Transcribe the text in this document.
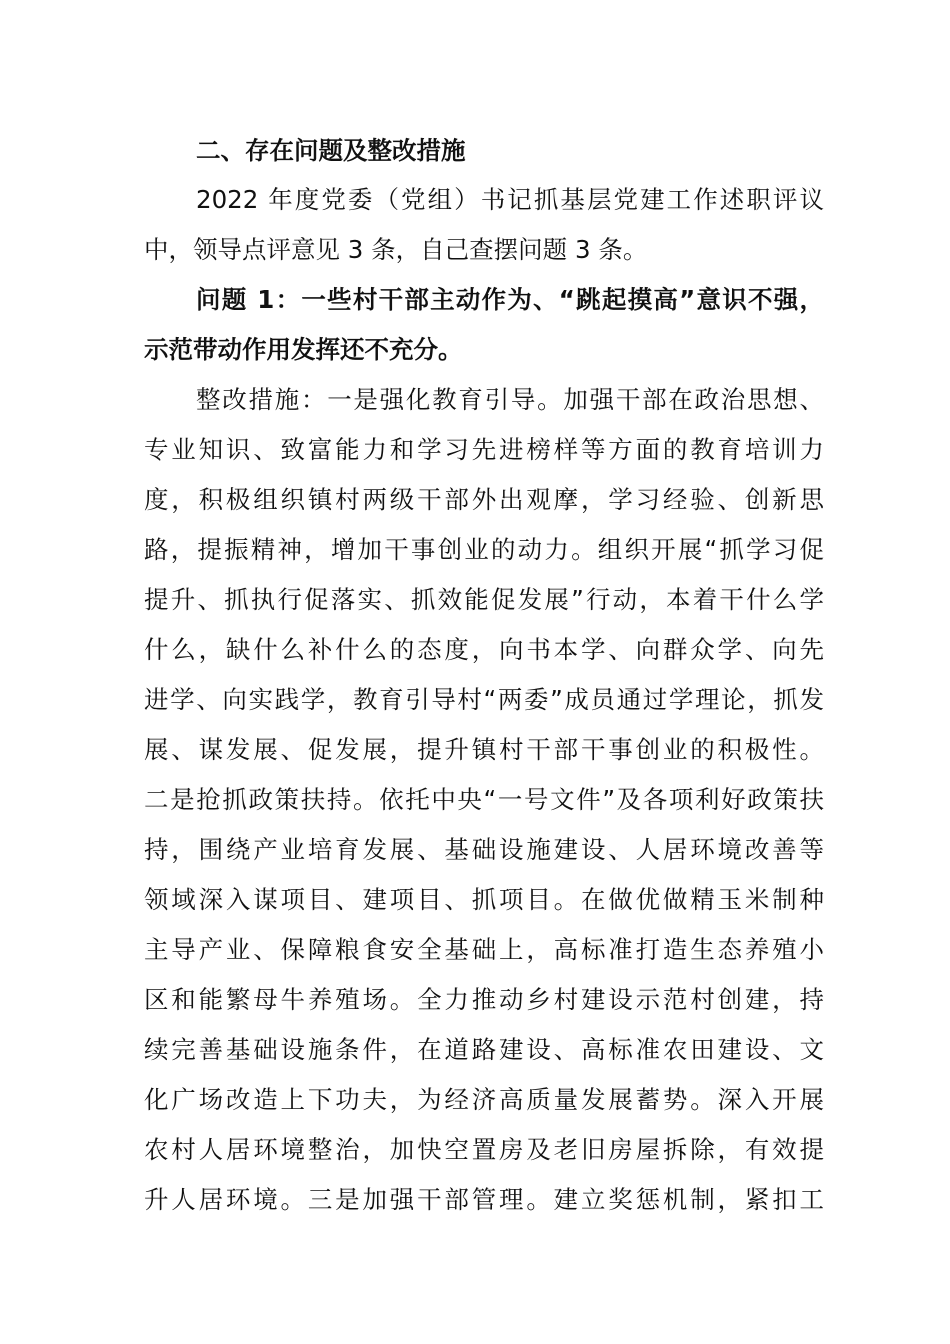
二、存在问题及整改措施
2022 年度党委（党组）书记抓基层党建工作述职评议
中，领导点评意见 3 条，自己查摆问题 3 条。
问题 1：一些村干部主动作为、“跳起摸高”意识不强，
示范带动作用发挥还不充分。
整改措施：一是强化教育引导。加强干部在政治思想、
专业知识、致富能力和学习先进榜样等方面的教育培训力
度，积极组织镇村两级干部外出观摩，学习经验、创新思
路，提振精神，增加干事创业的动力。组织开展“抓学习促
提升、抓执行促落实、抓效能促发展”行动，本着干什么学
什么，缺什么补什么的态度，向书本学、向群众学、向先
进学、向实践学，教育引导村“两委”成员通过学理论，抓发
展、谋发展、促发展，提升镇村干部干事创业的积极性。
二是抢抓政策扶持。依托中央“一号文件”及各项利好政策扶
持，围绕产业培育发展、基础设施建设、人居环境改善等
领域深入谋项目、建项目、抓项目。在做优做精玉米制种
主导产业、保障粮食安全基础上，高标准打造生态养殖小
区和能繁母牛养殖场。全力推动乡村建设示范村创建，持
续完善基础设施条件，在道路建设、高标准农田建设、文
化广场改造上下功夫，为经济高质量发展蓄势。深入开展
农村人居环境整治，加快空置房及老旧房屋拆除，有效提
升人居环境。三是加强干部管理。建立奖惩机制，紧扣工
